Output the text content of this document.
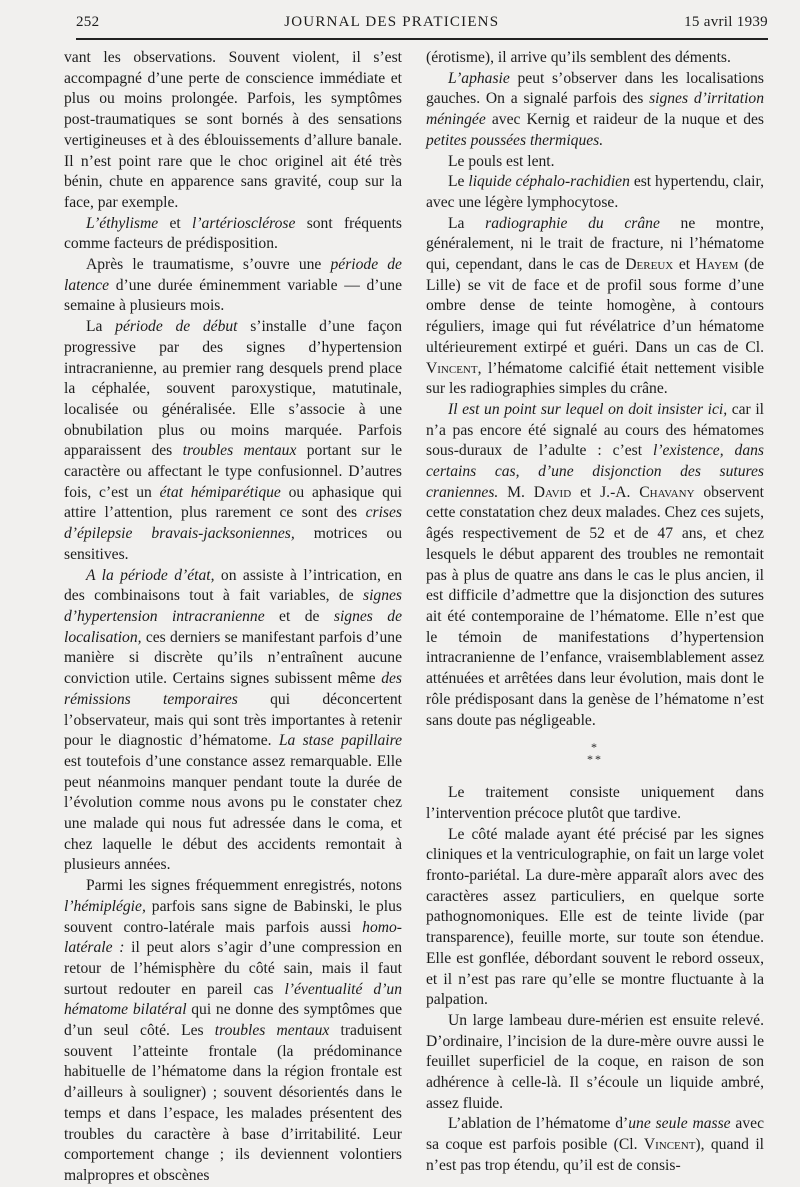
252	JOURNAL DES PRATICIENS	15 avril 1939

vant les observations. Souvent violent, il s’est accompagné d’une perte de conscience immédiate et plus ou moins prolongée. Parfois, les symptômes post-traumatiques se sont bornés à des sensations vertigineuses et à des éblouissements d’allure banale. Il n’est point rare que le choc originel ait été très bénin, chute en apparence sans gravité, coup sur la face, par exemple.

L’éthylisme et l’artériosclérose sont fréquents comme facteurs de prédisposition.

Après le traumatisme, s’ouvre une période de latence d’une durée éminemment variable — d’une semaine à plusieurs mois.

La période de début s’installe d’une façon progressive par des signes d’hypertension intracranienne, au premier rang desquels prend place la céphalée, souvent paroxystique, matutinale, localisée ou généralisée. Elle s’associe à une obnubilation plus ou moins marquée. Parfois apparaissent des troubles mentaux portant sur le caractère ou affectant le type confusionnel. D’autres fois, c’est un état hémiparétique ou aphasique qui attire l’attention, plus rarement ce sont des crises d’épilepsie bravais-jacksoniennes, motrices ou sensitives.

A la période d’état, on assiste à l’intrication, en des combinaisons tout à fait variables, de signes d’hypertension intracranienne et de signes de localisation, ces derniers se manifestant parfois d’une manière si discrète qu’ils n’entraînent aucune conviction utile. Certains signes subissent même des rémissions temporaires qui déconcertent l’observateur, mais qui sont très importantes à retenir pour le diagnostic d’hématome. La stase papillaire est toutefois d’une constance assez remarquable. Elle peut néanmoins manquer pendant toute la durée de l’évolution comme nous avons pu le constater chez une malade qui nous fut adressée dans le coma, et chez laquelle le début des accidents remontait à plusieurs années.

Parmi les signes fréquemment enregistrés, notons l’hémiplégie, parfois sans signe de Babinski, le plus souvent contro-latérale mais parfois aussi homo-latérale : il peut alors s’agir d’une compression en retour de l’hémisphère du côté sain, mais il faut surtout redouter en pareil cas l’éventualité d’un hématome bilatéral qui ne donne des symptômes que d’un seul côté. Les troubles mentaux traduisent souvent l’atteinte frontale (la prédominance habituelle de l’hématome dans la région frontale est d’ailleurs à souligner) ; souvent désorientés dans le temps et dans l’espace, les malades présentent des troubles du caractère à base d’irritabilité. Leur comportement change ; ils deviennent volontiers malpropres et obscènes

(érotisme), il arrive qu’ils semblent des déments.

L’aphasie peut s’observer dans les localisations gauches. On a signalé parfois des signes d’irritation méningée avec Kernig et raideur de la nuque et des petites poussées thermiques.

Le pouls est lent.

Le liquide céphalo-rachidien est hypertendu, clair, avec une légère lymphocytose.

La radiographie du crâne ne montre, généralement, ni le trait de fracture, ni l’hématome qui, cependant, dans le cas de Dereux et Hayem (de Lille) se vit de face et de profil sous forme d’une ombre dense de teinte homogène, à contours réguliers, image qui fut révélatrice d’un hématome ultérieurement extirpé et guéri. Dans un cas de Cl. Vincent, l’hématome calcifié était nettement visible sur les radiographies simples du crâne.

Il est un point sur lequel on doit insister ici, car il n’a pas encore été signalé au cours des hématomes sous-duraux de l’adulte : c’est l’existence, dans certains cas, d’une disjonction des sutures craniennes. M. David et J.-A. Chavany observent cette constatation chez deux malades. Chez ces sujets, âgés respectivement de 52 et de 47 ans, et chez lesquels le début apparent des troubles ne remontait pas à plus de quatre ans dans le cas le plus ancien, il est difficile d’admettre que la disjonction des sutures ait été contemporaine de l’hématome. Elle n’est que le témoin de manifestations d’hypertension intracranienne de l’enfance, vraisemblablement assez atténuées et arrêtées dans leur évolution, mais dont le rôle prédisposant dans la genèse de l’hématome n’est sans doute pas négligeable.

*
**

Le traitement consiste uniquement dans l’intervention précoce plutôt que tardive.

Le côté malade ayant été précisé par les signes cliniques et la ventriculographie, on fait un large volet fronto-pariétal. La dure-mère apparaît alors avec des caractères assez particuliers, en quelque sorte pathognomoniques. Elle est de teinte livide (par transparence), feuille morte, sur toute son étendue. Elle est gonflée, débordant souvent le rebord osseux, et il n’est pas rare qu’elle se montre fluctuante à la palpation.

Un large lambeau dure-mérien est ensuite relevé. D’ordinaire, l’incision de la dure-mère ouvre aussi le feuillet superficiel de la coque, en raison de son adhérence à celle-là. Il s’écoule un liquide ambré, assez fluide.

L’ablation de l’hématome d’une seule masse avec sa coque est parfois posible (Cl. Vincent), quand il n’est pas trop étendu, qu’il est de consis-
